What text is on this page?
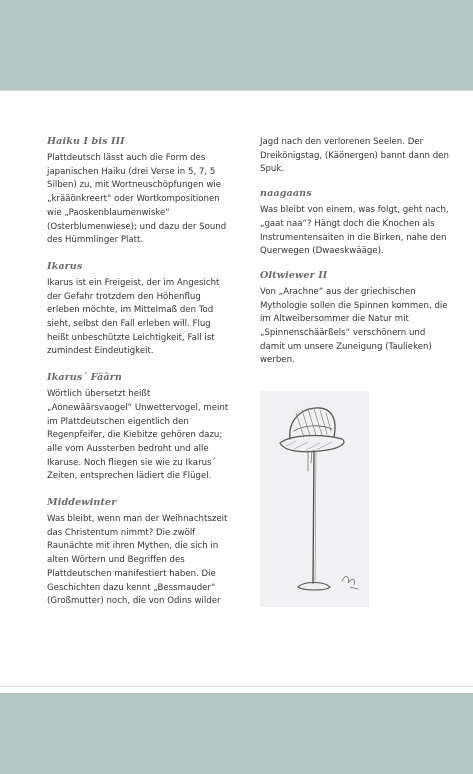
Haiku I bis III

Plattdeutsch lässt auch die Form des japanischen Haiku (drei Verse in 5, 7, 5 Silben) zu, mit Wortneuschöpfungen wie „krääönkreert“ oder Wortkompositionen wie „Paoskenblaumenwiske“ (Osterblumenwiese); und dazu der Sound des Hümmlinger Platt.

Ikarus

Ikarus ist ein Freigeist, der im Angesicht der Gefahr trotzdem den Höhenflug erleben möchte, im Mittelmaß den Tod sieht, selbst den Fall erleben will. Flug heißt unbeschützte Leichtigkeit, Fall ist zumindest Eindeutigkeit.

Ikarus´ Fäärn

Wörtlich übersetzt heißt „Aonewäärsvaogel“ Unwettervogel, meint im Plattdeutschen eigentlich den Regenpfeifer, die Kiebitze gehören dazu; alle vom Aussterben bedroht und alle Ikaruse. Noch fliegen sie wie zu Ikarus´ Zeiten, entsprechen lädiert die Flügel.

Middewinter

Was bleibt, wenn man der Weihnachtszeit das Christentum nimmt? Die zwölf Raunächte mit ihren Mythen, die sich in alten Wörtern und Begriffen des Plattdeutschen manifestiert haben. Die Geschichten dazu kennt „Bessmauder“ (Großmutter) noch, die von Odins wilder

Jagd nach den verlorenen Seelen. Der Dreikönigstag, (Käönergen) bannt dann den Spuk.

naagaans

Was bleibt von einem, was folgt, geht nach, „gaat naa“? Hängt doch die Knochen als Instrumentensaiten in die Birken, nahe den Querwegen (Dwaeskwääge).

Oltwiewer II

Von „Arachne“ aus der griechischen Mythologie sollen die Spinnen kommen, die im Altweibersommer die Natur mit „Spinnenschäärßels“ verschönern und damit um unsere Zuneigung (Taulieken) werben.
